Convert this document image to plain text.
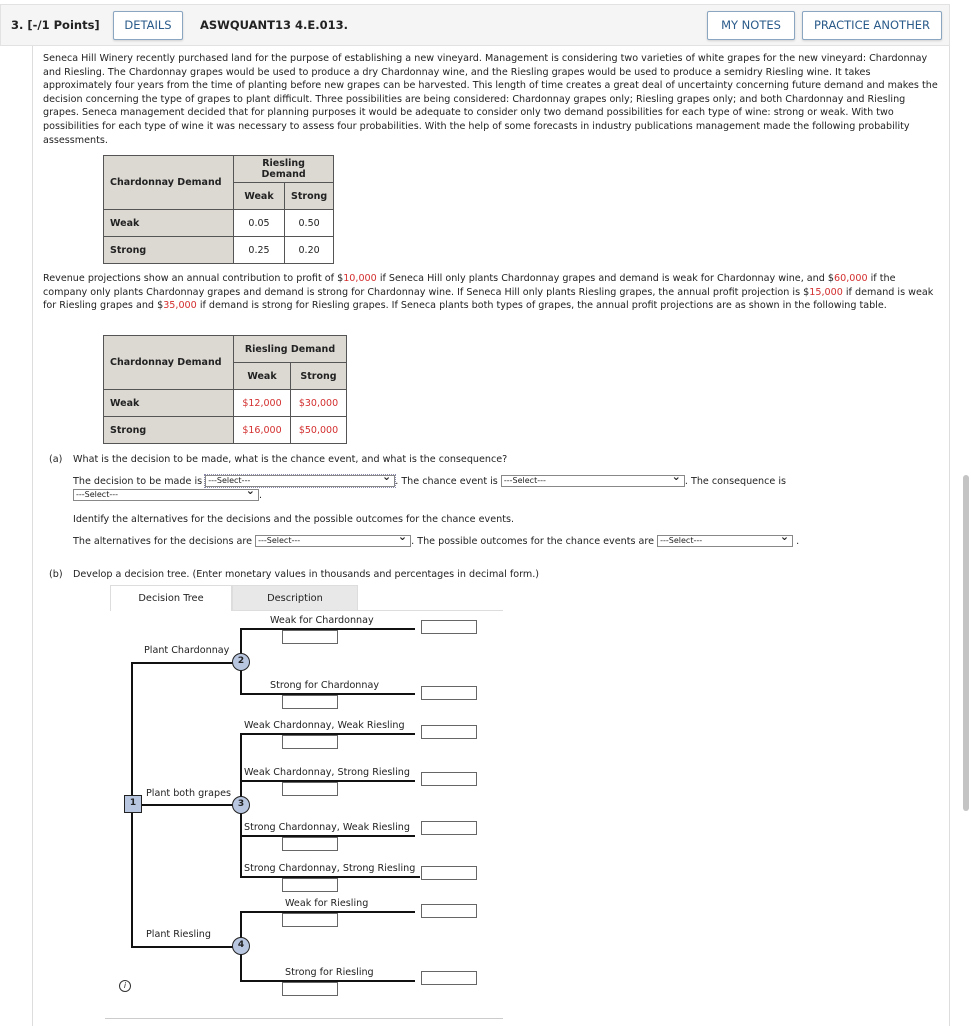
3. [-/1 Points]	DETAILS	ASWQUANT13 4.E.013.	MY NOTES	PRACTICE ANOTHER

Seneca Hill Winery recently purchased land for the purpose of establishing a new vineyard. Management is considering two varieties of white grapes for the new vineyard: Chardonnay and Riesling. The Chardonnay grapes would be used to produce a dry Chardonnay wine, and the Riesling grapes would be used to produce a semidry Riesling wine. It takes approximately four years from the time of planting before new grapes can be harvested. This length of time creates a great deal of uncertainty concerning future demand and makes the decision concerning the type of grapes to plant difficult. Three possibilities are being considered: Chardonnay grapes only; Riesling grapes only; and both Chardonnay and Riesling grapes. Seneca management decided that for planning purposes it would be adequate to consider only two demand possibilities for each type of wine: strong or weak. With two possibilities for each type of wine it was necessary to assess four probabilities. With the help of some forecasts in industry publications management made the following probability assessments.

Chardonnay Demand	Riesling Demand	
	Weak	Strong
Weak	0.05	0.50
Strong	0.25	0.20

Revenue projections show an annual contribution to profit of $10,000 if Seneca Hill only plants Chardonnay grapes and demand is weak for Chardonnay wine, and $60,000 if the company only plants Chardonnay grapes and demand is strong for Chardonnay wine. If Seneca Hill only plants Riesling grapes, the annual profit projection is $15,000 if demand is weak for Riesling grapes and $35,000 if demand is strong for Riesling grapes. If Seneca plants both types of grapes, the annual profit projections are as shown in the following table.

Chardonnay Demand	Riesling Demand	
	Weak	Strong
Weak	$12,000	$30,000
Strong	$16,000	$50,000
(a) What is the decision to be made, what is the chance event, and what is the consequence?
The decision to be made is ---Select--- ⌄	. The chance event is ---Select--- ⌄	. The consequence is
---Select--- ⌄	.
Identify the alternatives for the decisions and the possible outcomes for the chance events.
The alternatives for the decisions are ---Select--- ⌄	. The possible outcomes for the chance events are ---Select--- ⌄	.
(b) Develop a decision tree. (Enter monetary values in thousands and percentages in decimal form.)
Decision Tree	Description
Weak for Chardonnay
Strong for Chardonnay
Weak Chardonnay, Weak Riesling
Weak Chardonnay, Strong Riesling
Strong Chardonnay, Weak Riesling
Strong Chardonnay, Strong Riesling
Weak for Riesling
Strong for Riesling
1
2
3
4
Plant Chardonnay
Plant both grapes
Plant Riesling
i
